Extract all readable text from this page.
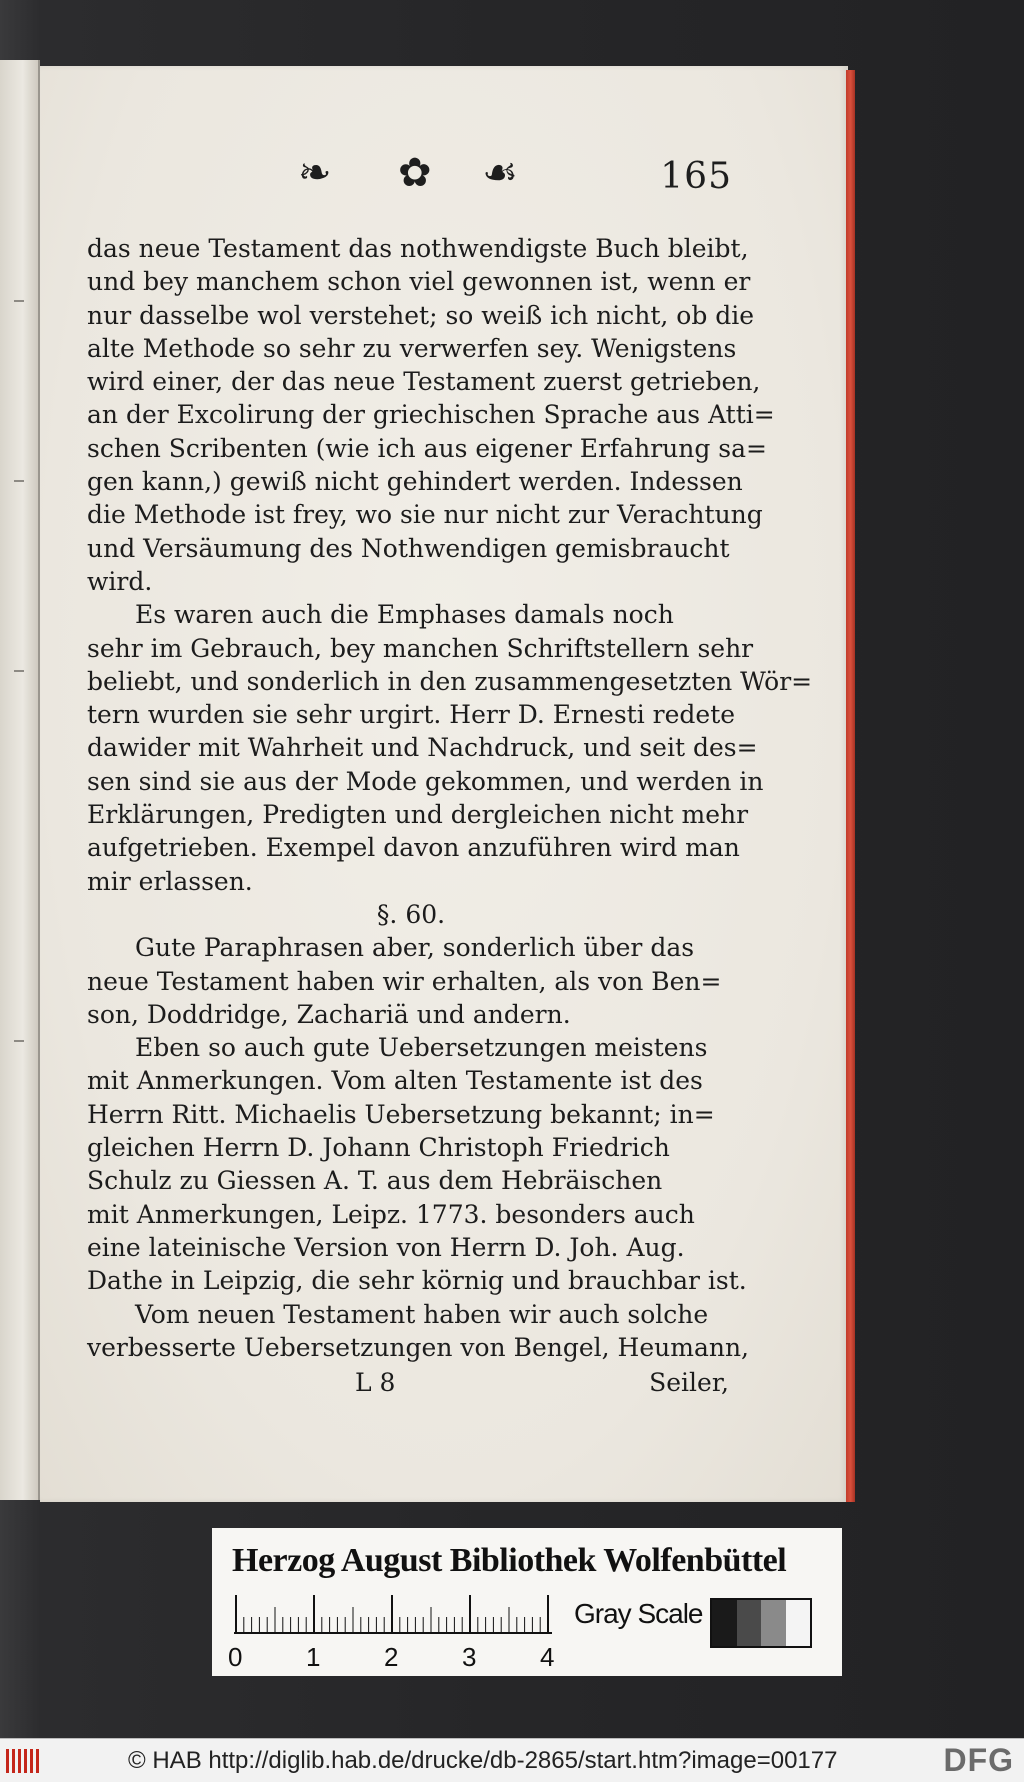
❧ ✿ ☙	165
das neue Testament das nothwendigste Buch bleibt,
und bey manchem schon viel gewonnen ist, wenn er
nur dasselbe wol verstehet; so weiß ich nicht, ob die
alte Methode so sehr zu verwerfen sey. Wenigstens
wird einer, der das neue Testament zuerst getrieben,
an der Excolirung der griechischen Sprache aus Atti=
schen Scribenten (wie ich aus eigener Erfahrung sa=
gen kann,) gewiß nicht gehindert werden. Indessen
die Methode ist frey, wo sie nur nicht zur Verachtung
und Versäumung des Nothwendigen gemisbraucht
wird.
Es waren auch die Emphases damals noch
sehr im Gebrauch, bey manchen Schriftstellern sehr
beliebt, und sonderlich in den zusammengesetzten Wör=
tern wurden sie sehr urgirt. Herr D. Ernesti redete
dawider mit Wahrheit und Nachdruck, und seit des=
sen sind sie aus der Mode gekommen, und werden in
Erklärungen, Predigten und dergleichen nicht mehr
aufgetrieben. Exempel davon anzuführen wird man
mir erlassen.
§. 60.
Gute Paraphrasen aber, sonderlich über das
neue Testament haben wir erhalten, als von Ben=
son, Doddridge, Zachariä und andern.
Eben so auch gute Uebersetzungen meistens
mit Anmerkungen. Vom alten Testamente ist des
Herrn Ritt. Michaelis Uebersetzung bekannt; in=
gleichen Herrn D. Johann Christoph Friedrich
Schulz zu Giessen A. T. aus dem Hebräischen
mit Anmerkungen, Leipz. 1773. besonders auch
eine lateinische Version von Herrn D. Joh. Aug.
Dathe in Leipzig, die sehr körnig und brauchbar ist.
Vom neuen Testament haben wir auch solche
verbesserte Uebersetzungen von Bengel, Heumann,
L 8	Seiler,
Herzog August Bibliothek Wolfenbüttel
0 1 2 3 4
Gray Scale
© HAB http://diglib.hab.de/drucke/db-2865/start.htm?image=00177	DFG
